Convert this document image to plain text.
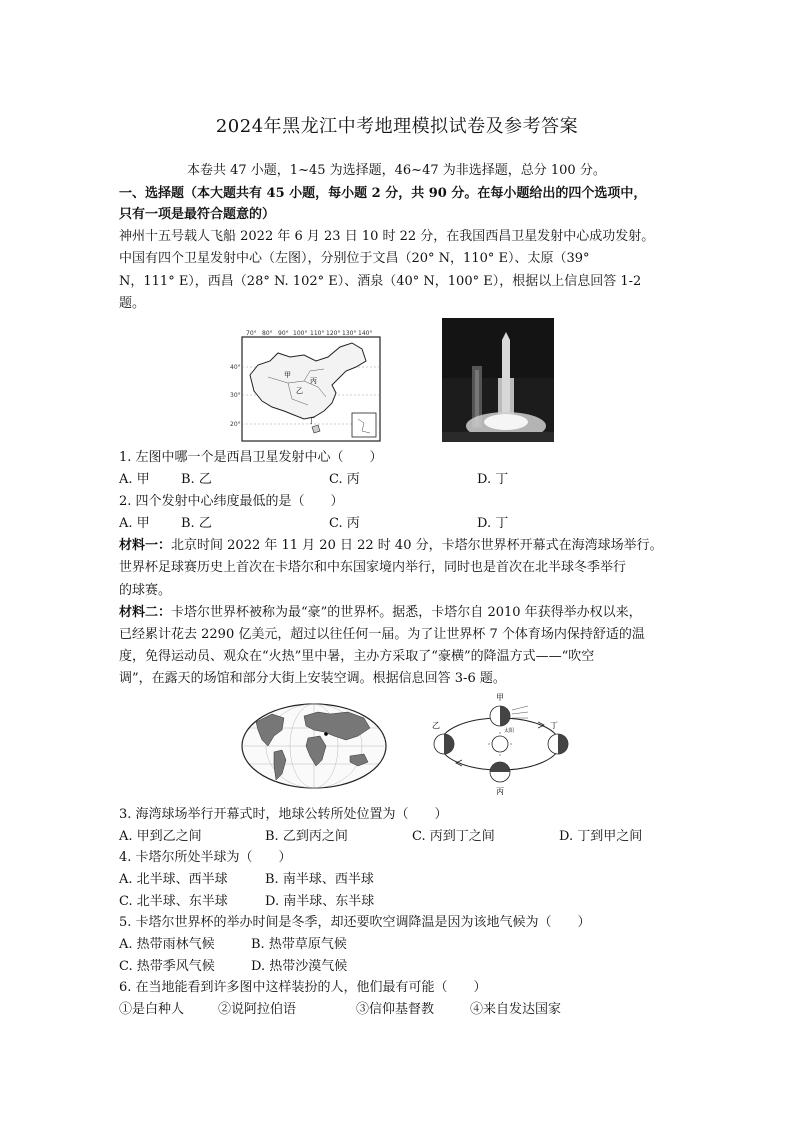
2024年黑龙江中考地理模拟试卷及参考答案
本卷共 47 小题，1~45 为选择题，46~47 为非选择题，总分 100 分。
一、选择题（本大题共有 45 小题，每小题 2 分，共 90 分。在每小题给出的四个选项中，
只有一项是最符合题意的）
神州十五号载人飞船 2022 年 6 月 23 日 10 时 22 分，在我国西昌卫星发射中心成功发射。
中国有四个卫星发射中心（左图），分别位于文昌（20° N，110° E）、太原（39°
N，111° E），西昌（28° N. 102° E）、酒泉（40° N，100° E），根据以上信息回答 1-2
题。
70° 80° 90° 100° 110° 120° 130° 140°
40°
30°
20°
甲
乙
丙
丁
1. 左图中哪一个是西昌卫星发射中心（　　）
A. 甲 B. 乙	C. 丙	D. 丁
2. 四个发射中心纬度最低的是（　　）
A. 甲 B. 乙	C. 丙	D. 丁
材料一：北京时间 2022 年 11 月 20 日 22 时 40 分，卡塔尔世界杯开幕式在海湾球场举行。
世界杯足球赛历史上首次在卡塔尔和中东国家境内举行，同时也是首次在北半球冬季举行
的球赛。
材料二：卡塔尔世界杯被称为最“豪”的世界杯。据悉，卡塔尔自 2010 年获得举办权以来，
已经累计花去 2290 亿美元，超过以往任何一届。为了让世界杯 7 个体育场内保持舒适的温
度，免得运动员、观众在“火热”里中暑，主办方采取了“豪横”的降温方式——“吹空
调”，在露天的场馆和部分大街上安装空调。根据信息回答 3-6 题。
太阳
甲
乙
丙
丁
3. 海湾球场举行开幕式时，地球公转所处位置为（　　）
A. 甲到乙之间	B. 乙到丙之间	C. 丙到丁之间	D. 丁到甲之间
4. 卡塔尔所处半球为（　　）
A. 北半球、西半球	B. 南半球、西半球
C. 北半球、东半球	D. 南半球、东半球
5. 卡塔尔世界杯的举办时间是冬季，却还要吹空调降温是因为该地气候为（　　）
A. 热带雨林气候	B. 热带草原气候
C. 热带季风气候	D. 热带沙漠气候
6. 在当地能看到许多图中这样装扮的人，他们最有可能（　　）
①是白种人	②说阿拉伯语	③信仰基督教	④来自发达国家
